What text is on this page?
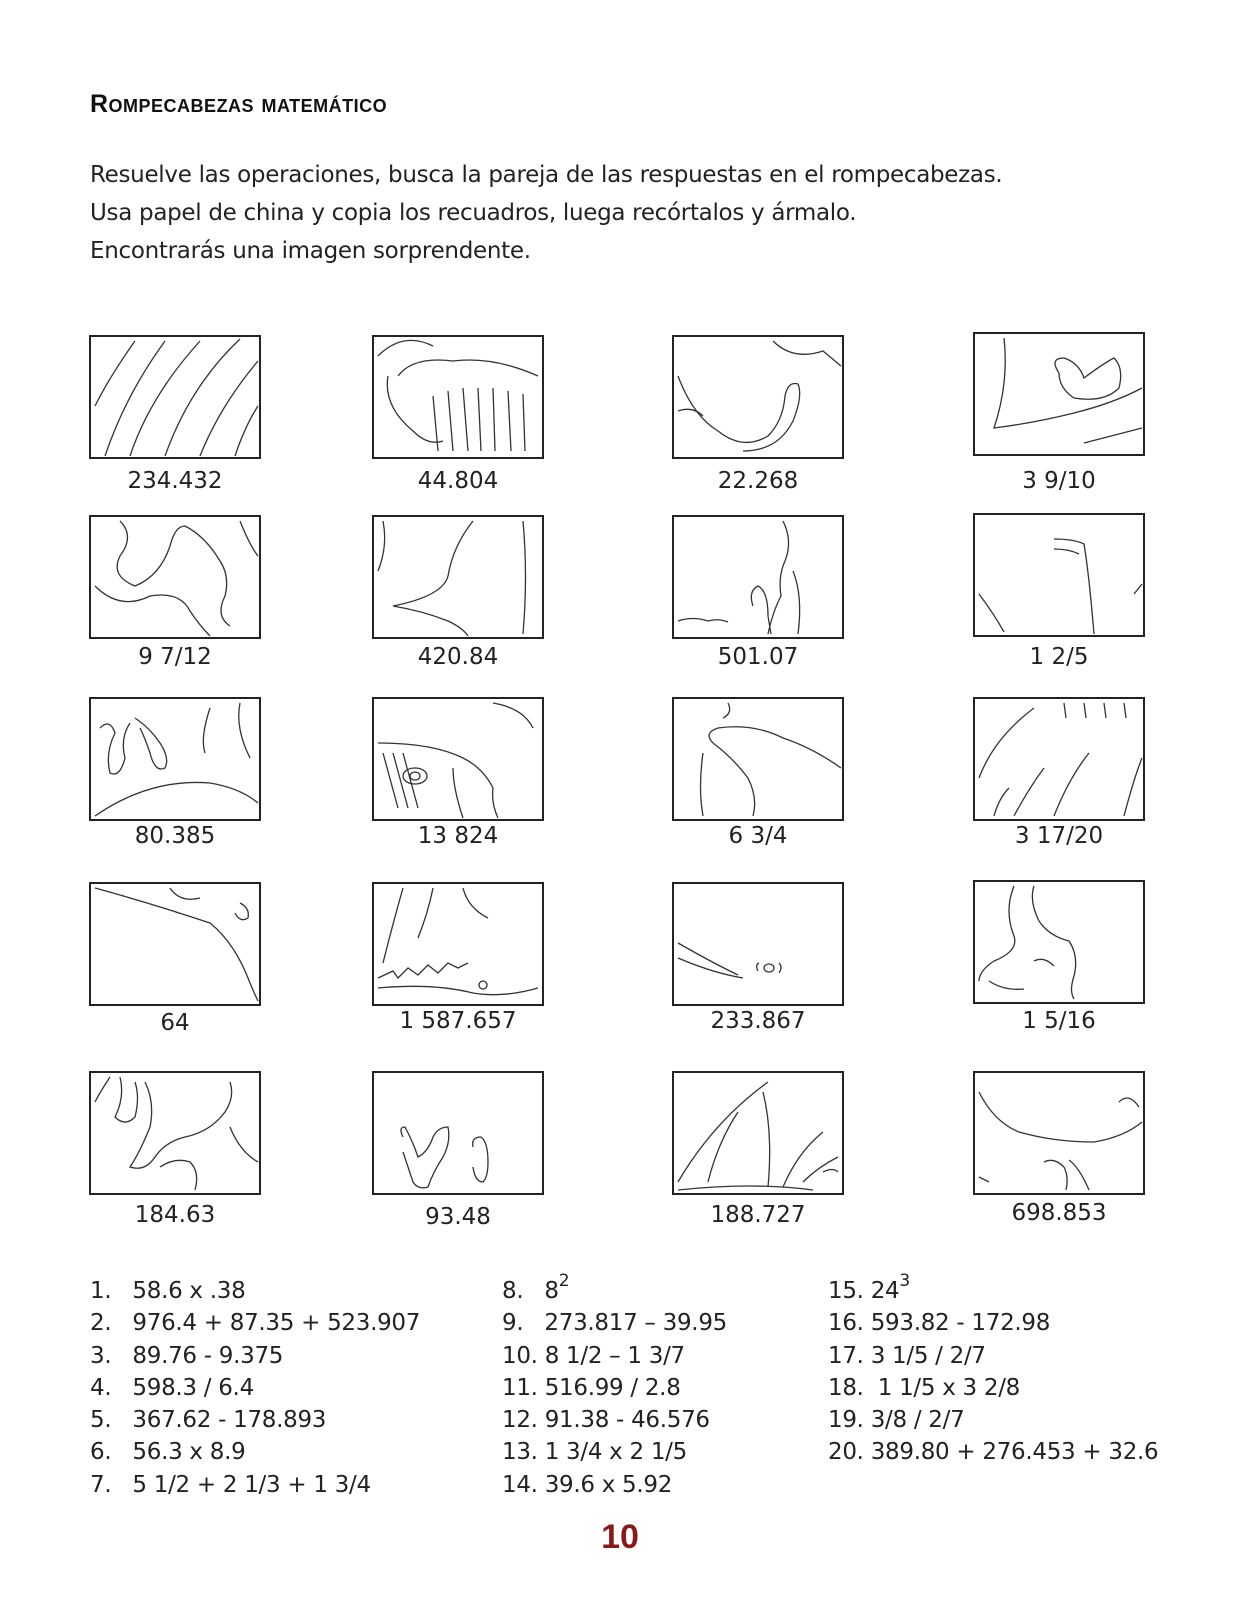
Rompecabezas matemático
Resuelve las operaciones, busca la pareja de las respuestas en el rompecabezas.
Usa papel de china y copia los recuadros, luega recórtalos y ármalo.
Encontrarás una imagen sorprendente.
234.432	44.804	22.268	3 9/10
9 7/12	420.84	501.07	1 2/5
80.385	13 824	6 3/4	3 17/20
64	1 587.657	233.867	1 5/16
184.63	93.48	188.727	698.853
1. 58.6 x .38
2. 976.4 + 87.35 + 523.907
3. 89.76 - 9.375
4. 598.3 / 6.4
5. 367.62 - 178.893
6. 56.3 x 8.9
7. 5 1/2 + 2 1/3 + 1 3/4
8. $8^2$
9. 273.817 – 39.95
10. 8 1/2 – 1 3/7
11. 516.99 / 2.8
12. 91.38 - 46.576
13. 1 3/4 x 2 1/5
14. 39.6 x 5.92
15. $24^3$
16. 593.82 - 172.98
17. 3 1/5 / 2/7
18. 1 1/5 x 3 2/8
19. 3/8 / 2/7
20. 389.80 + 276.453 + 32.6
10
